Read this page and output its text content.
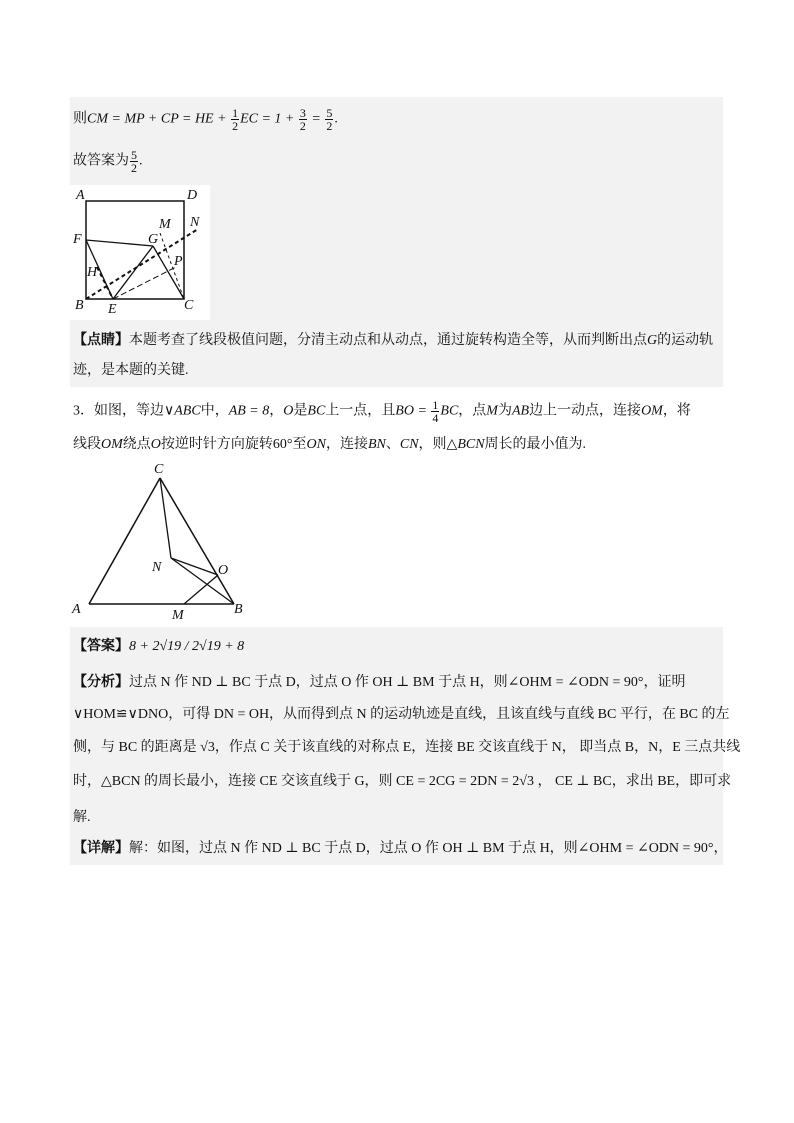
则CM = MP + CP = HE + $\frac{1}{2}$ EC = $1 + \frac{3}{2} = \frac{5}{2}$ .
故答案为 $\frac{5}{2}$ .
A	D
M N
F	G
P
H
B E	C
【点睛】本题考查了线段极值问题，分清主动点和从动点，通过旋转构造全等，从而判断出点G的运动轨
迹，是本题的关键.
3．如图，等边∨ABC中，AB = 8，O是BC上一点，且BO = $\frac{1}{4}$ BC，点M为AB边上一动点，连接OM，将
线段OM绕点O按逆时针方向旋转60°至ON，连接BN、CN，则△BCN周长的最小值为.
C
N	O
A	M	B
【答案】8 + 2√19 / 2√19 + 8
【分析】过点 N 作 ND ⊥ BC 于点 D，过点 O 作 OH ⊥ BM 于点 H，则∠OHM = ∠ODN = 90°，证明
∨HOM≌∨DNO，可得 DN = OH，从而得到点 N 的运动轨迹是直线，且该直线与直线 BC 平行，在 BC 的左
侧，与 BC 的距离是 √3，作点 C 关于该直线的对称点 E，连接 BE 交该直线于 N， 即当点 B，N，E 三点共线
时，△BCN 的周长最小，连接 CE 交该直线于 G，则 CE = 2CG = 2DN = 2√3 ， CE ⊥ BC，求出 BE，即可求
解.
【详解】解：如图，过点 N 作 ND ⊥ BC 于点 D，过点 O 作 OH ⊥ BM 于点 H，则∠OHM = ∠ODN = 90°，
